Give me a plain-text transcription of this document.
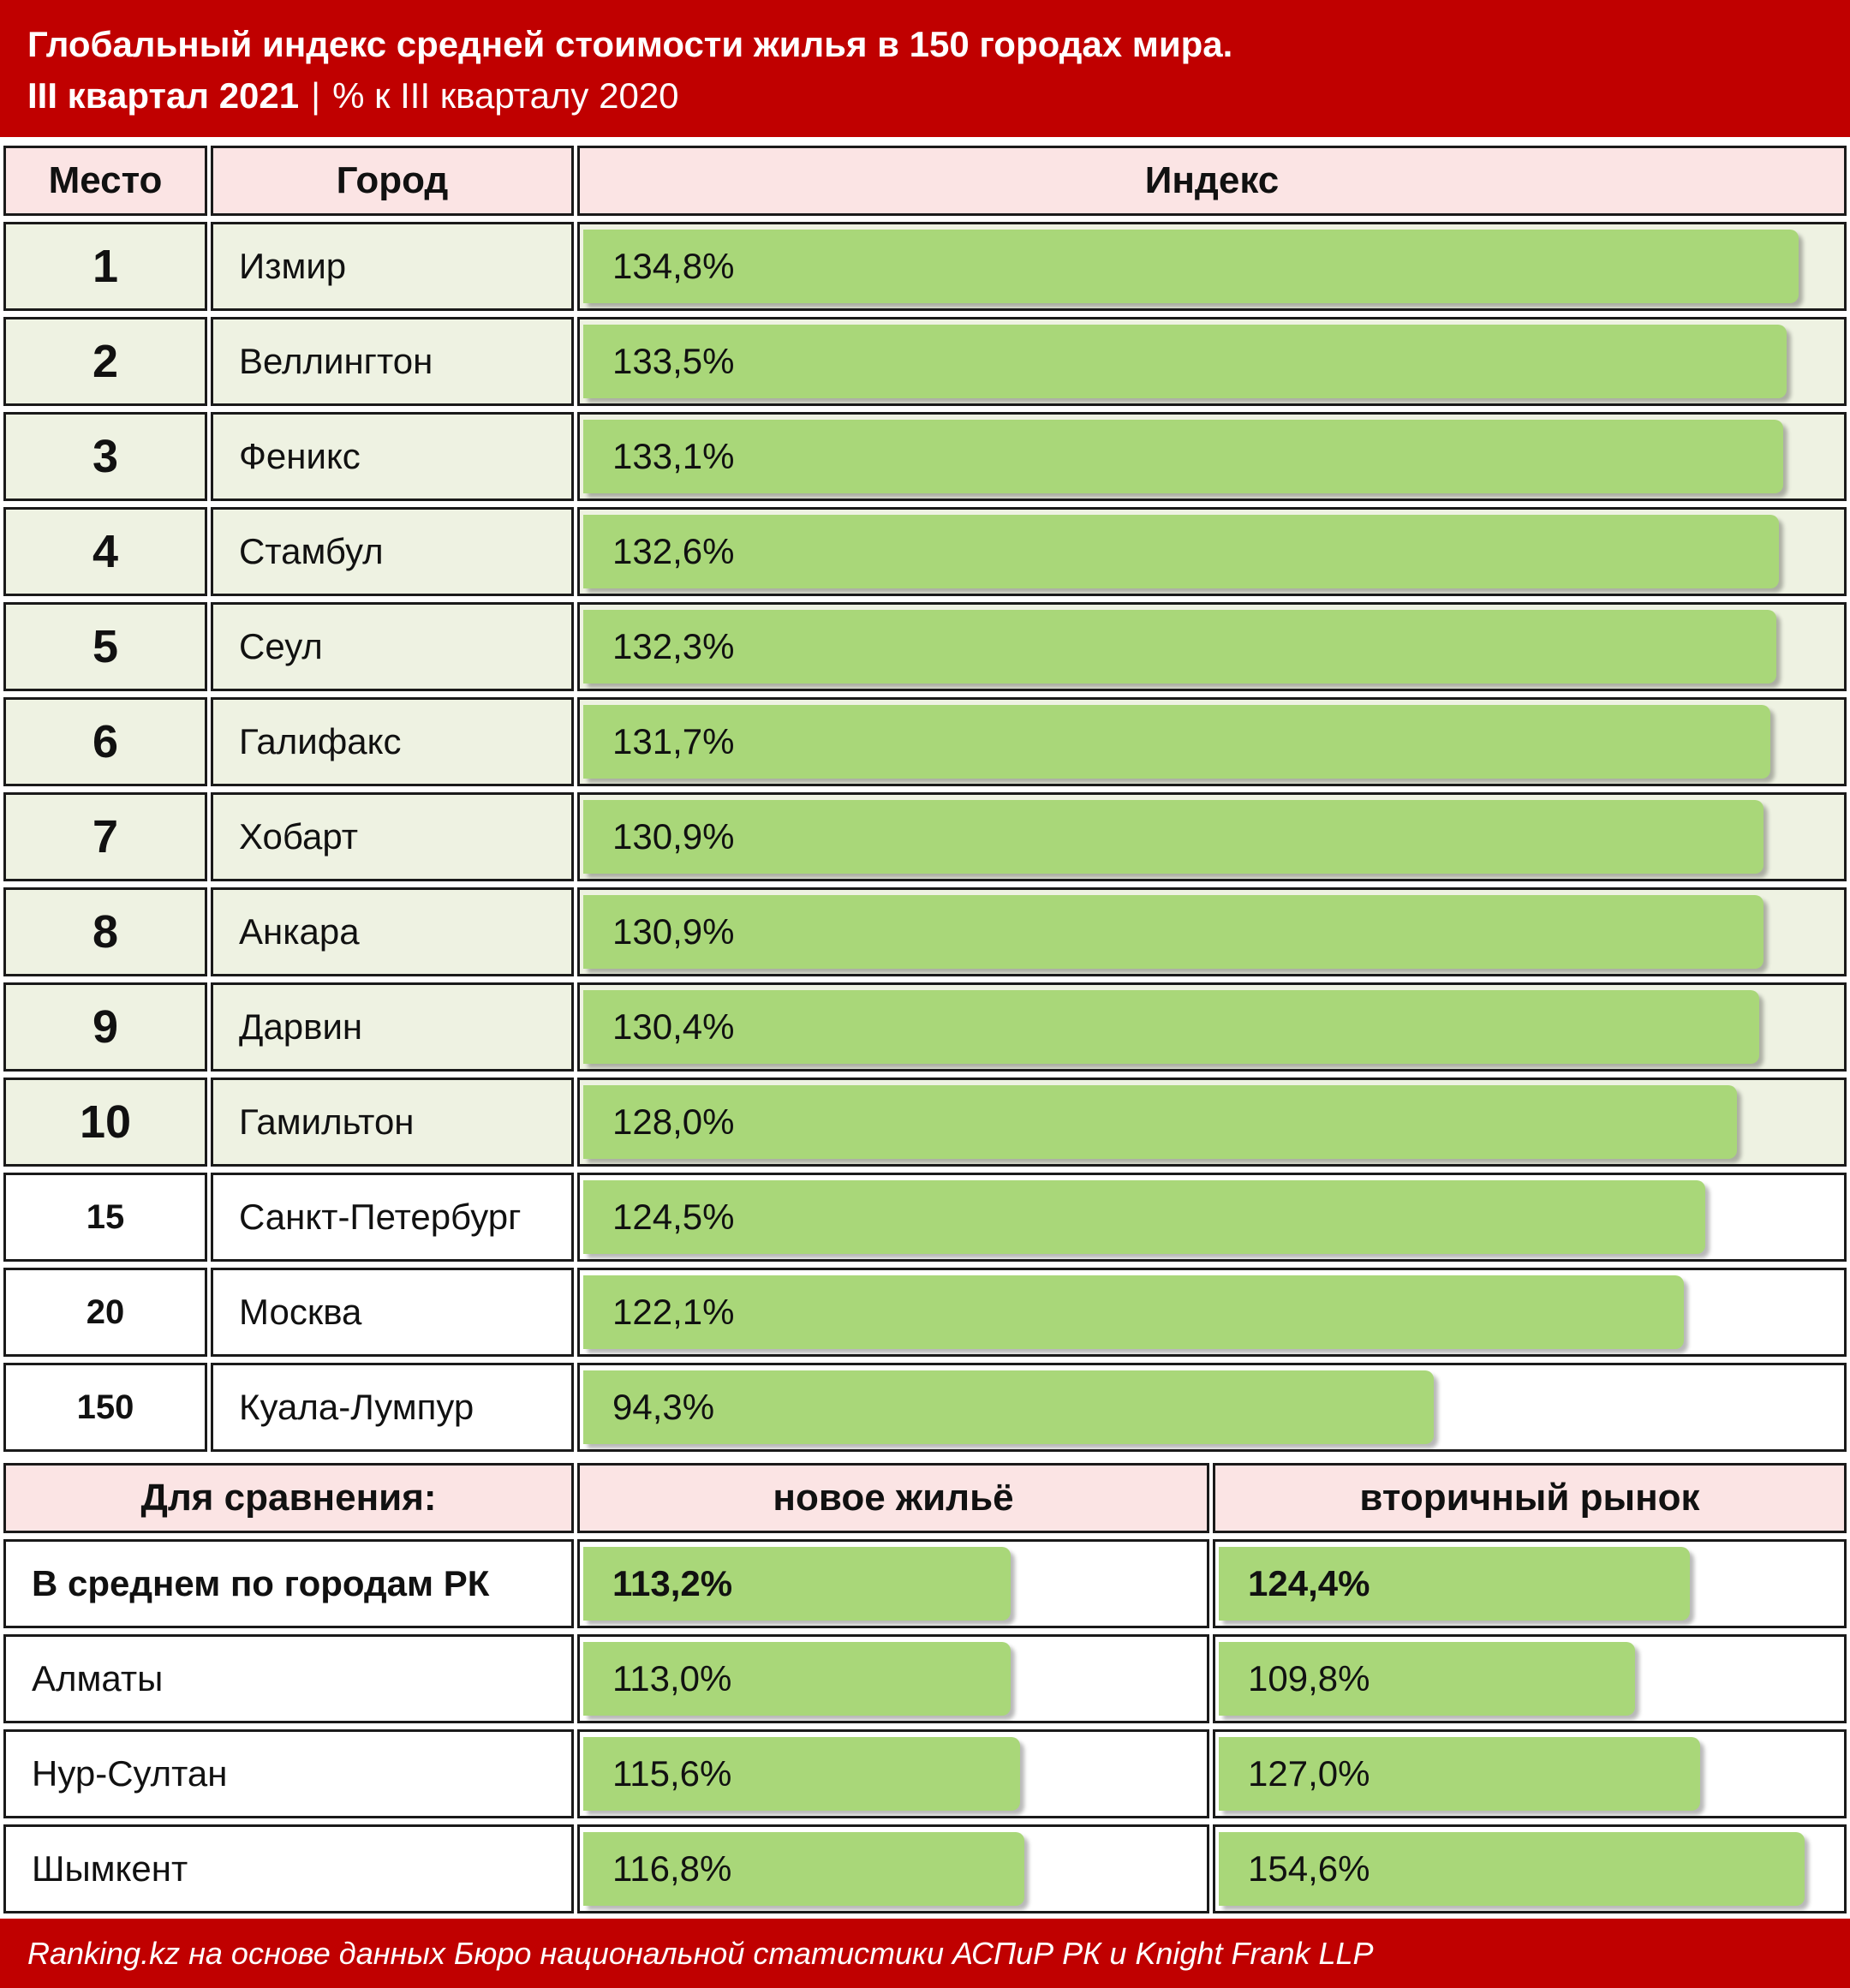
Глобальный индекс средней стоимости жилья в 150 городах мира.
III квартал 2021 | % к III кварталу 2020
Место	Город	Индекс
1	Измир	134,8%
2	Веллингтон	133,5%
3	Феникс	133,1%
4	Стамбул	132,6%
5	Сеул	132,3%
6	Галифакс	131,7%
7	Хобарт	130,9%
8	Анкара	130,9%
9	Дарвин	130,4%
10	Гамильтон	128,0%
15	Санкт-Петербург	124,5%
20	Москва	122,1%
150	Куала-Лумпур	94,3%
Для сравнения:	новое жильё	вторичный рынок
В среднем по городам РК	113,2%	124,4%
Алматы	113,0%	109,8%
Нур-Султан	115,6%	127,0%
Шымкент	116,8%	154,6%
Ranking.kz на основе данных Бюро национальной статистики АСПиР РК и Knight Frank LLP
